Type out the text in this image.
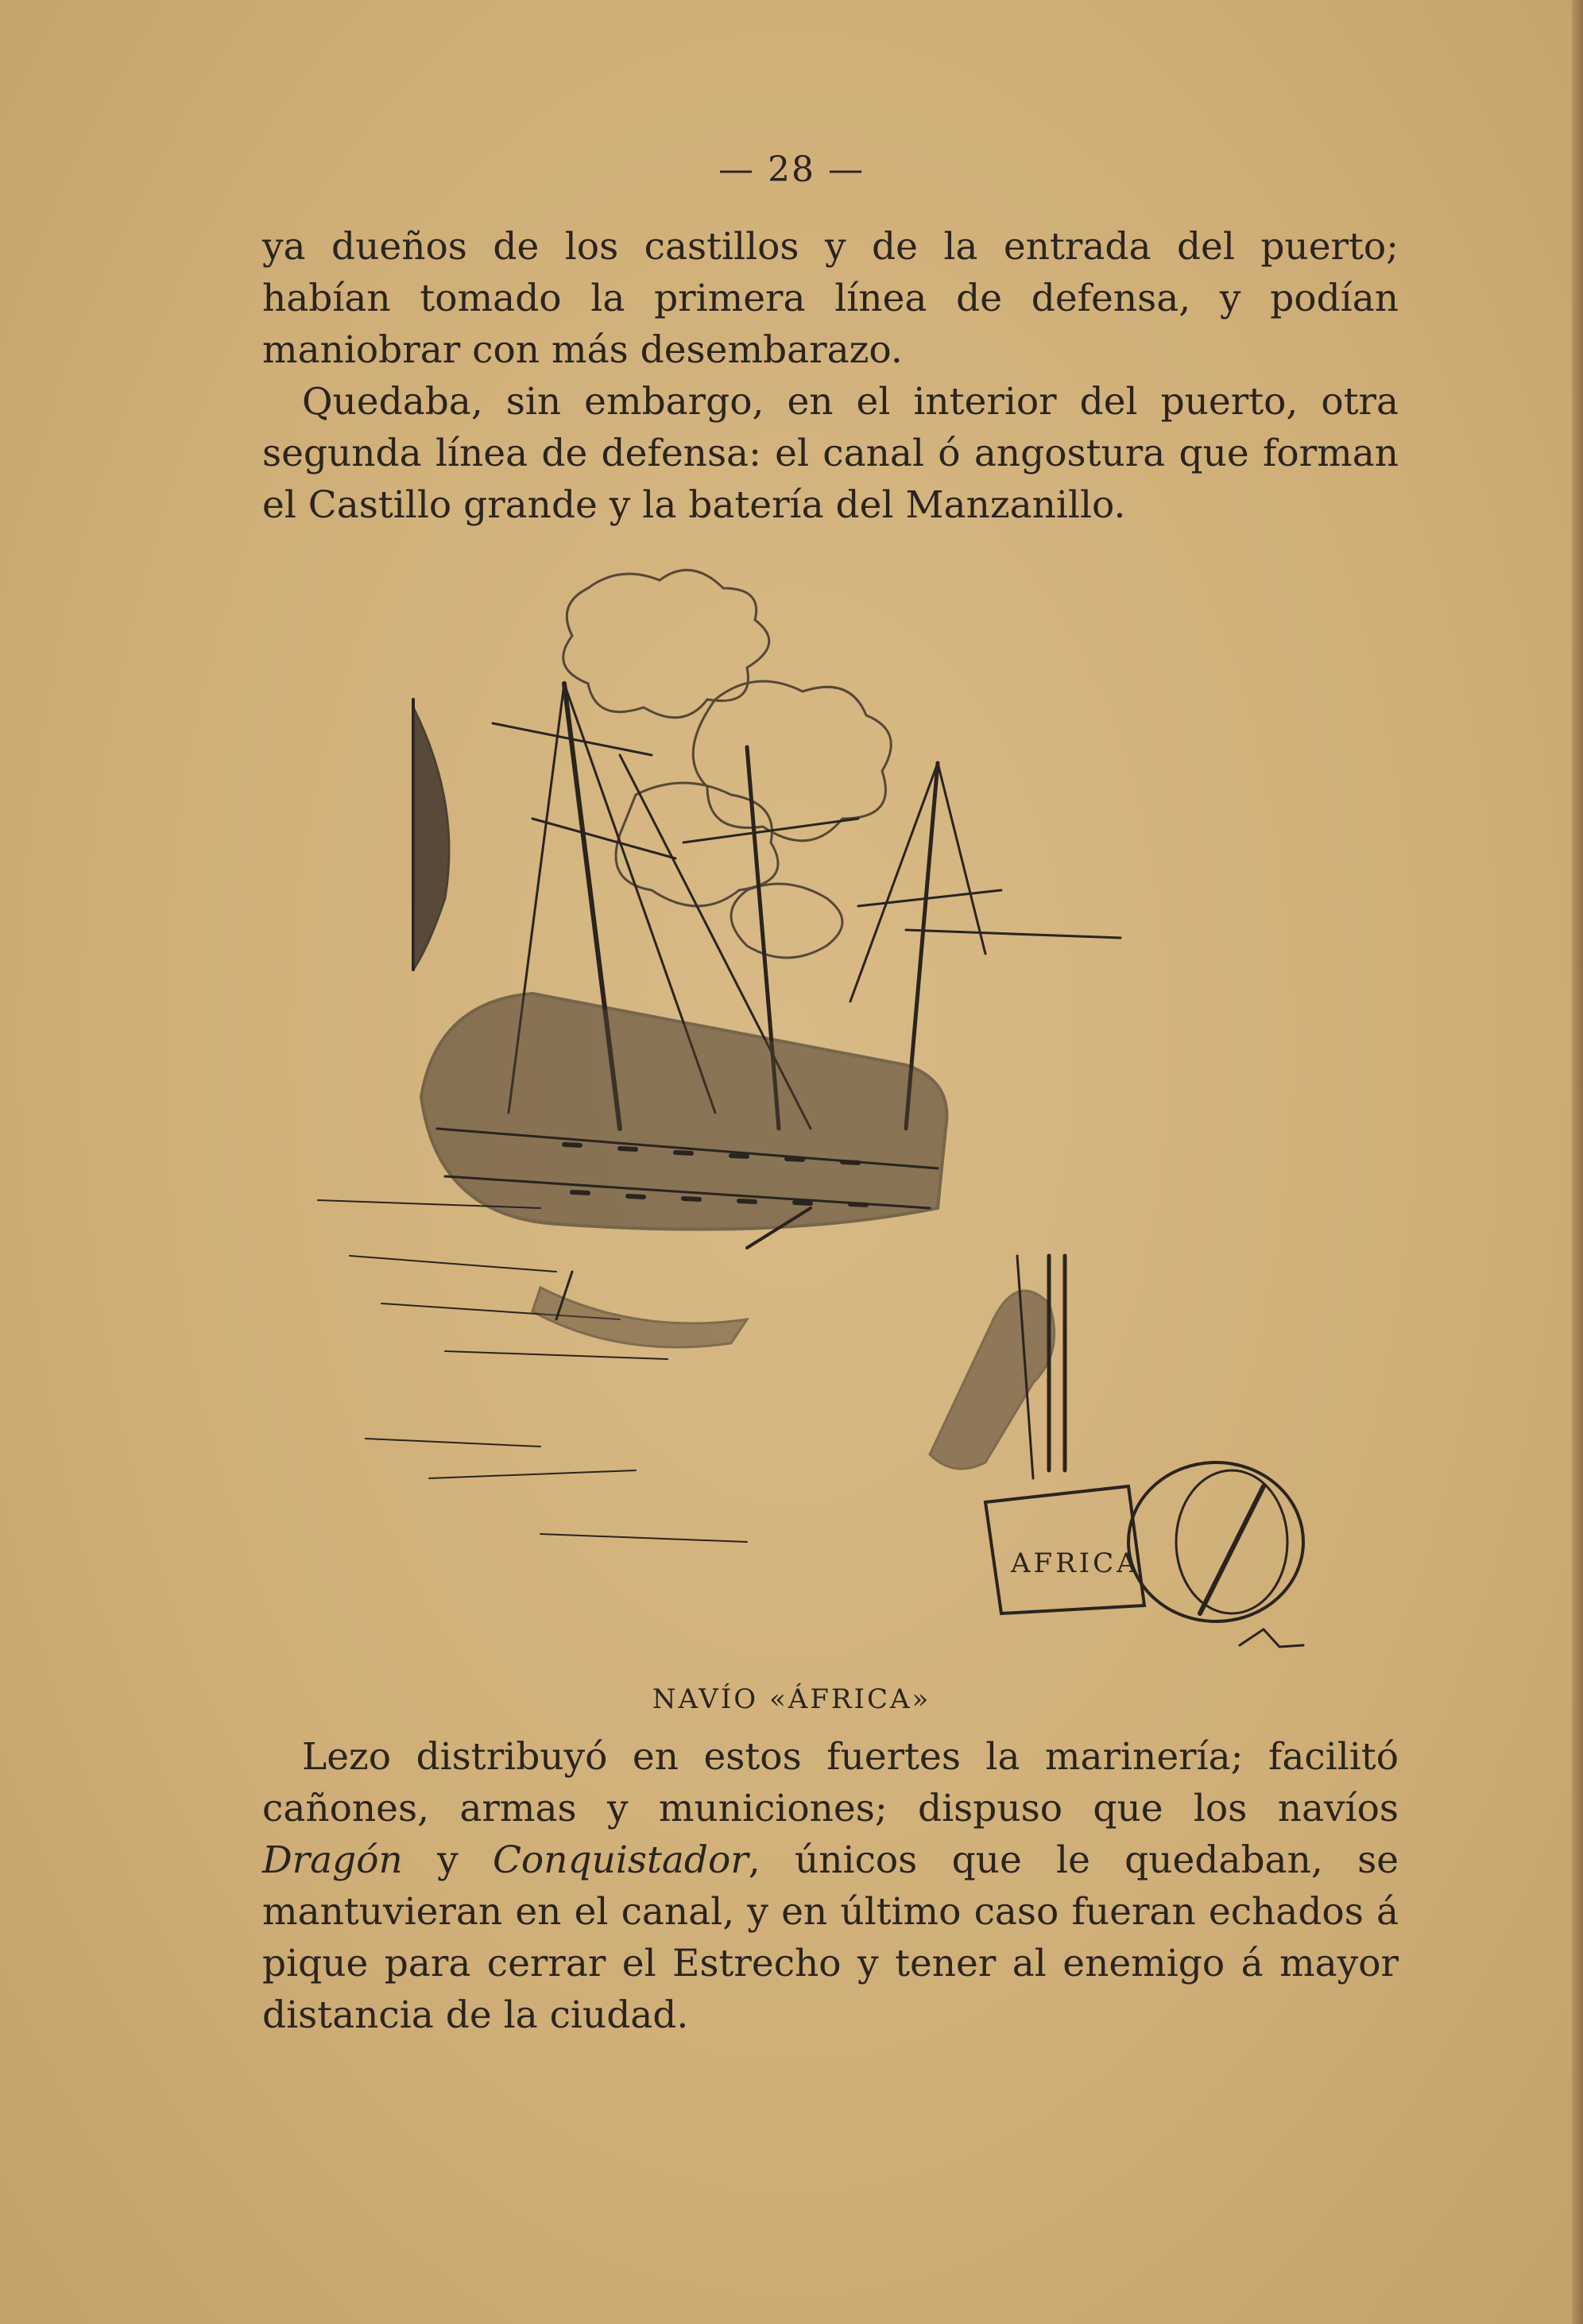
— 28 —

ya dueños de los castillos y de la entrada del puerto; habían tomado la primera línea de defensa, y podían maniobrar con más desembarazo.

Quedaba, sin embargo, en el interior del puerto, otra segunda línea de defensa: el canal ó angostura que forman el Castillo grande y la batería del Manzanillo.

AFRICA
NAVÍO «ÁFRICA»

Lezo distribuyó en estos fuertes la marinería; facilitó cañones, armas y municiones; dispuso que los navíos Dragón y Conquistador, únicos que le quedaban, se mantuvieran en el canal, y en último caso fueran echados á pique para cerrar el Estrecho y tener al enemigo á mayor distancia de la ciudad.
